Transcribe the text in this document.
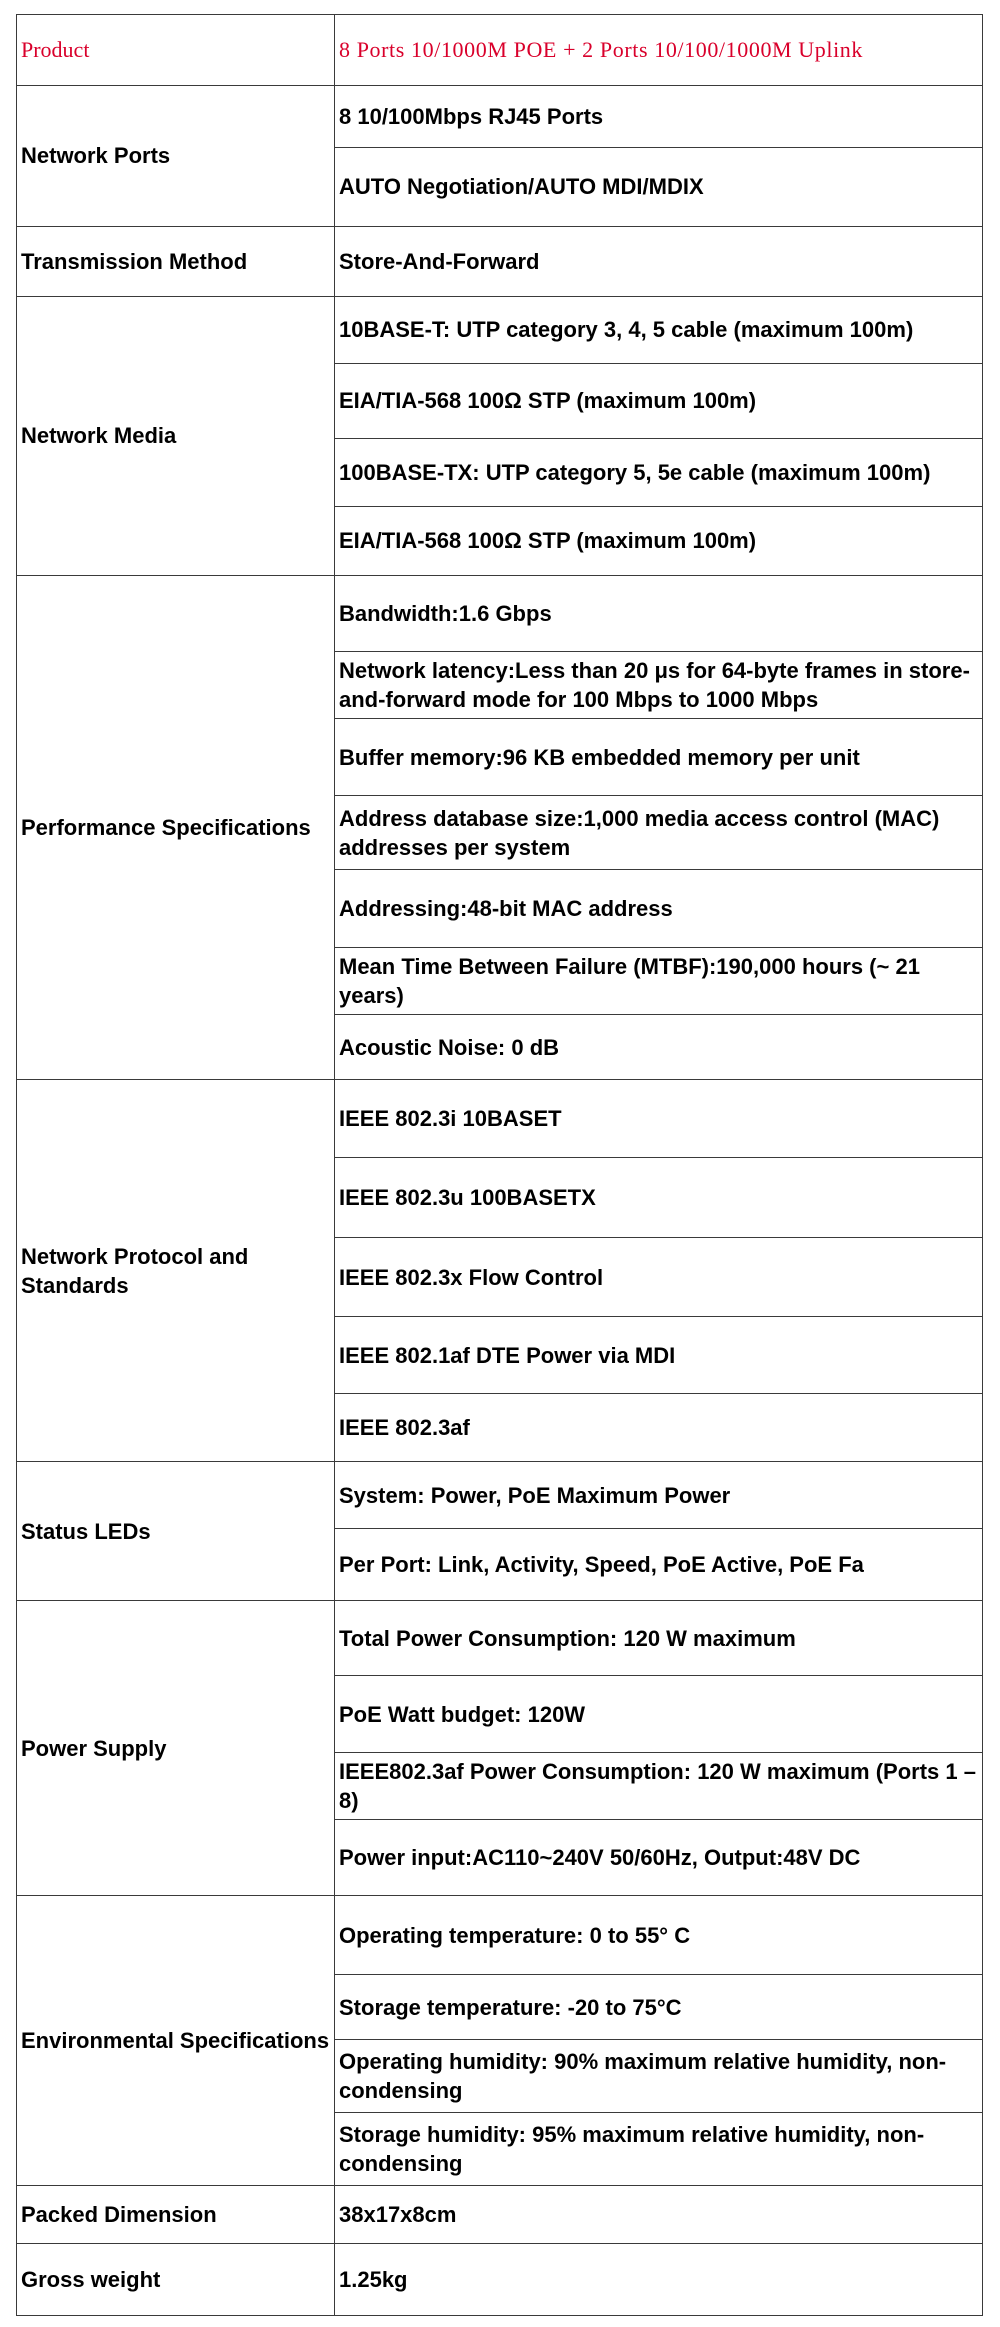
Product	8 Ports 10/1000M POE + 2 Ports 10/100/1000M Uplink
Network Ports	8 10/100Mbps RJ45 Ports
	AUTO Negotiation/AUTO MDI/MDIX
Transmission Method	Store-And-Forward
Network Media	10BASE-T: UTP category 3, 4, 5 cable (maximum 100m)
	EIA/TIA-568 100Ω STP (maximum 100m)
	100BASE-TX: UTP category 5, 5e cable (maximum 100m)
	EIA/TIA-568 100Ω STP (maximum 100m)
Performance Specifications	Bandwidth:1.6 Gbps
	Network latency:Less than 20 μs for 64-byte frames in store-and-forward mode for 100 Mbps to 1000 Mbps
	Buffer memory:96 KB embedded memory per unit
	Address database size:1,000 media access control (MAC) addresses per system
	Addressing:48-bit MAC address
	Mean Time Between Failure (MTBF):190,000 hours (~ 21 years)
	Acoustic Noise: 0 dB
Network Protocol and Standards	IEEE 802.3i 10BASET
	IEEE 802.3u 100BASETX
	IEEE 802.3x Flow Control
	IEEE 802.1af DTE Power via MDI
	IEEE 802.3af
Status LEDs	System: Power, PoE Maximum Power
	Per Port: Link, Activity, Speed, PoE Active, PoE Fa
Power Supply	Total Power Consumption: 120 W maximum
	PoE Watt budget: 120W
	IEEE802.3af Power Consumption: 120 W maximum (Ports 1 – 8)
	Power input:AC110~240V 50/60Hz, Output:48V DC
Environmental Specifications	Operating temperature: 0 to 55° C
	Storage temperature: -20 to 75°C
	Operating humidity: 90% maximum relative humidity, non-condensing
	Storage humidity: 95% maximum relative humidity, non-condensing
Packed Dimension	38x17x8cm
Gross weight	1.25kg
